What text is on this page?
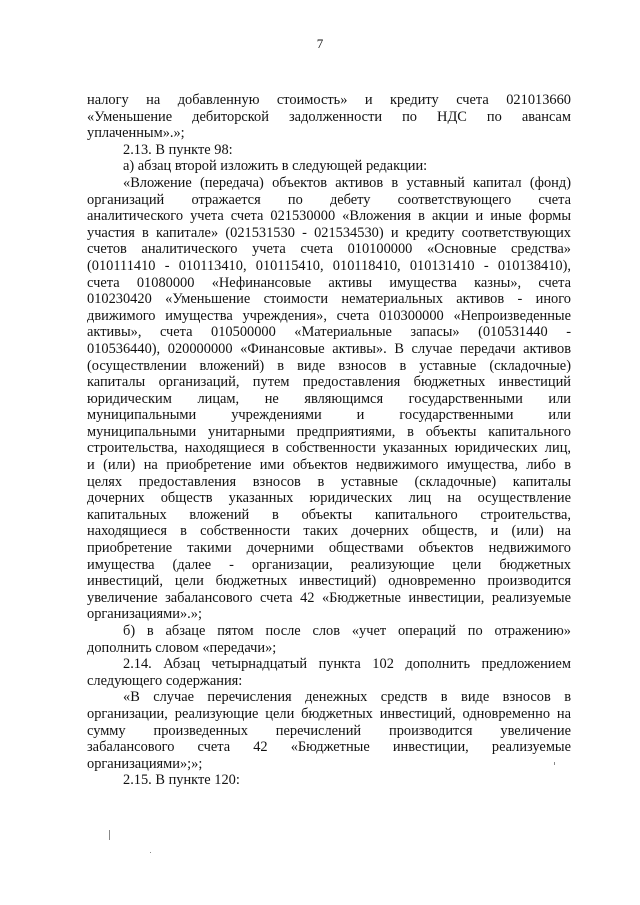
7
налогу на добавленную стоимость» и кредиту счета 021013660
«Уменьшение дебиторской задолженности по НДС по авансам
уплаченным».»;
2.13. В пункте 98:
а) абзац второй изложить в следующей редакции:
«Вложение (передача) объектов активов в уставный капитал (фонд)
организаций отражается по дебету соответствующего счета
аналитического учета счета 021530000 «Вложения в акции и иные формы
участия в капитале» (021531530 - 021534530) и кредиту соответствующих
счетов аналитического учета счета 010100000 «Основные средства»
(010111410 - 010113410, 010115410, 010118410, 010131410 - 010138410),
счета 01080000 «Нефинансовые активы имущества казны», счета
010230420 «Уменьшение стоимости нематериальных активов - иного
движимого имущества учреждения», счета 010300000 «Непроизведенные
активы», счета 010500000 «Материальные запасы» (010531440 -
010536440), 020000000 «Финансовые активы». В случае передачи активов
(осуществлении вложений) в виде взносов в уставные (складочные)
капиталы организаций, путем предоставления бюджетных инвестиций
юридическим лицам, не являющимся государственными или
муниципальными учреждениями и государственными или
муниципальными унитарными предприятиями, в объекты капитального
строительства, находящиеся в собственности указанных юридических лиц,
и (или) на приобретение ими объектов недвижимого имущества, либо в
целях предоставления взносов в уставные (складочные) капиталы
дочерних обществ указанных юридических лиц на осуществление
капитальных вложений в объекты капитального строительства,
находящиеся в собственности таких дочерних обществ, и (или) на
приобретение такими дочерними обществами объектов недвижимого
имущества (далее - организации, реализующие цели бюджетных
инвестиций, цели бюджетных инвестиций) одновременно производится
увеличение забалансового счета 42 «Бюджетные инвестиции, реализуемые
организациями».»;
б) в абзаце пятом после слов «учет операций по отражению»
дополнить словом «передачи»;
2.14. Абзац четырнадцатый пункта 102 дополнить предложением
следующего содержания:
«В случае перечисления денежных средств в виде взносов в
организации, реализующие цели бюджетных инвестиций, одновременно на
сумму произведенных перечислений производится увеличение
забалансового счета 42 «Бюджетные инвестиции, реализуемые
организациями»;»;
2.15. В пункте 120:
